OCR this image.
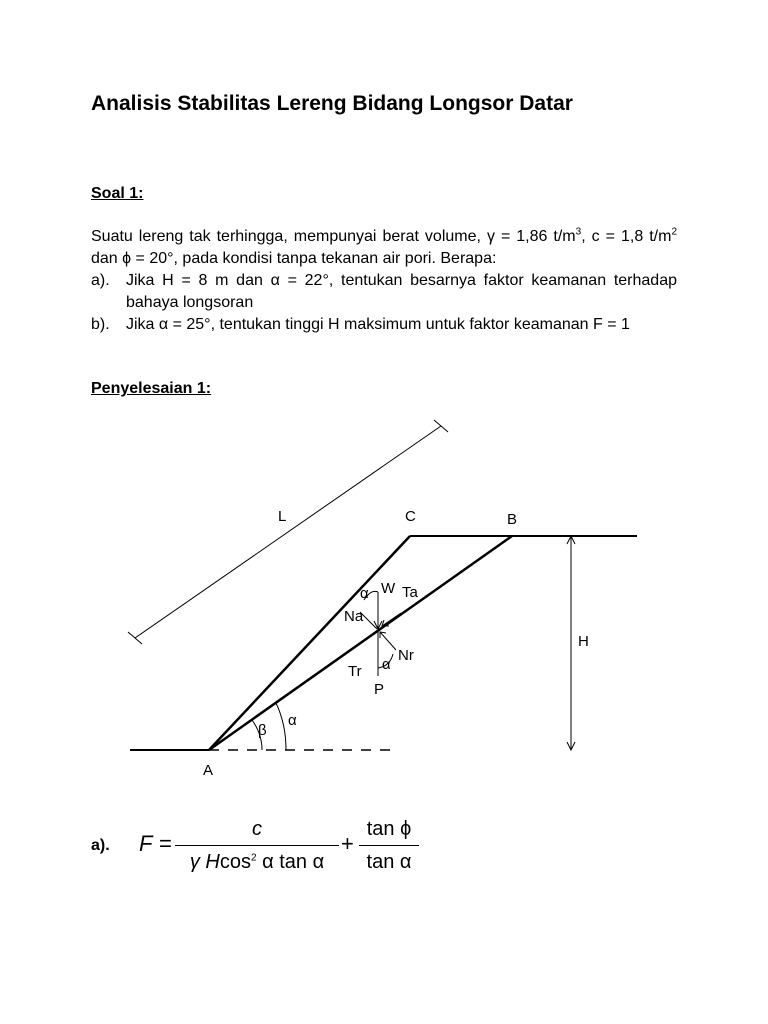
Analisis Stabilitas Lereng Bidang Longsor Datar

Soal 1:

Suatu lereng tak terhingga, mempunyai berat volume, γ = 1,86 $t/m^3$, c = 1,8 $t/m^2$ dan ϕ = 20°, pada kondisi tanpa tekanan air pori. Berapa:
a).	Jika H = 8 m dan α = 22°, tentukan besarnya faktor keamanan terhadap bahaya longsoran
b).	Jika α = 25°, tentukan tinggi H maksimum untuk faktor keamanan F = 1

Penyelesaian 1:

L	C	B
H
A
α W Ta
Na
Nr
Tr α
P
β
α
a). F =
c
γ Hcos$^2$ α tan α
+
tan ϕ
tan α
